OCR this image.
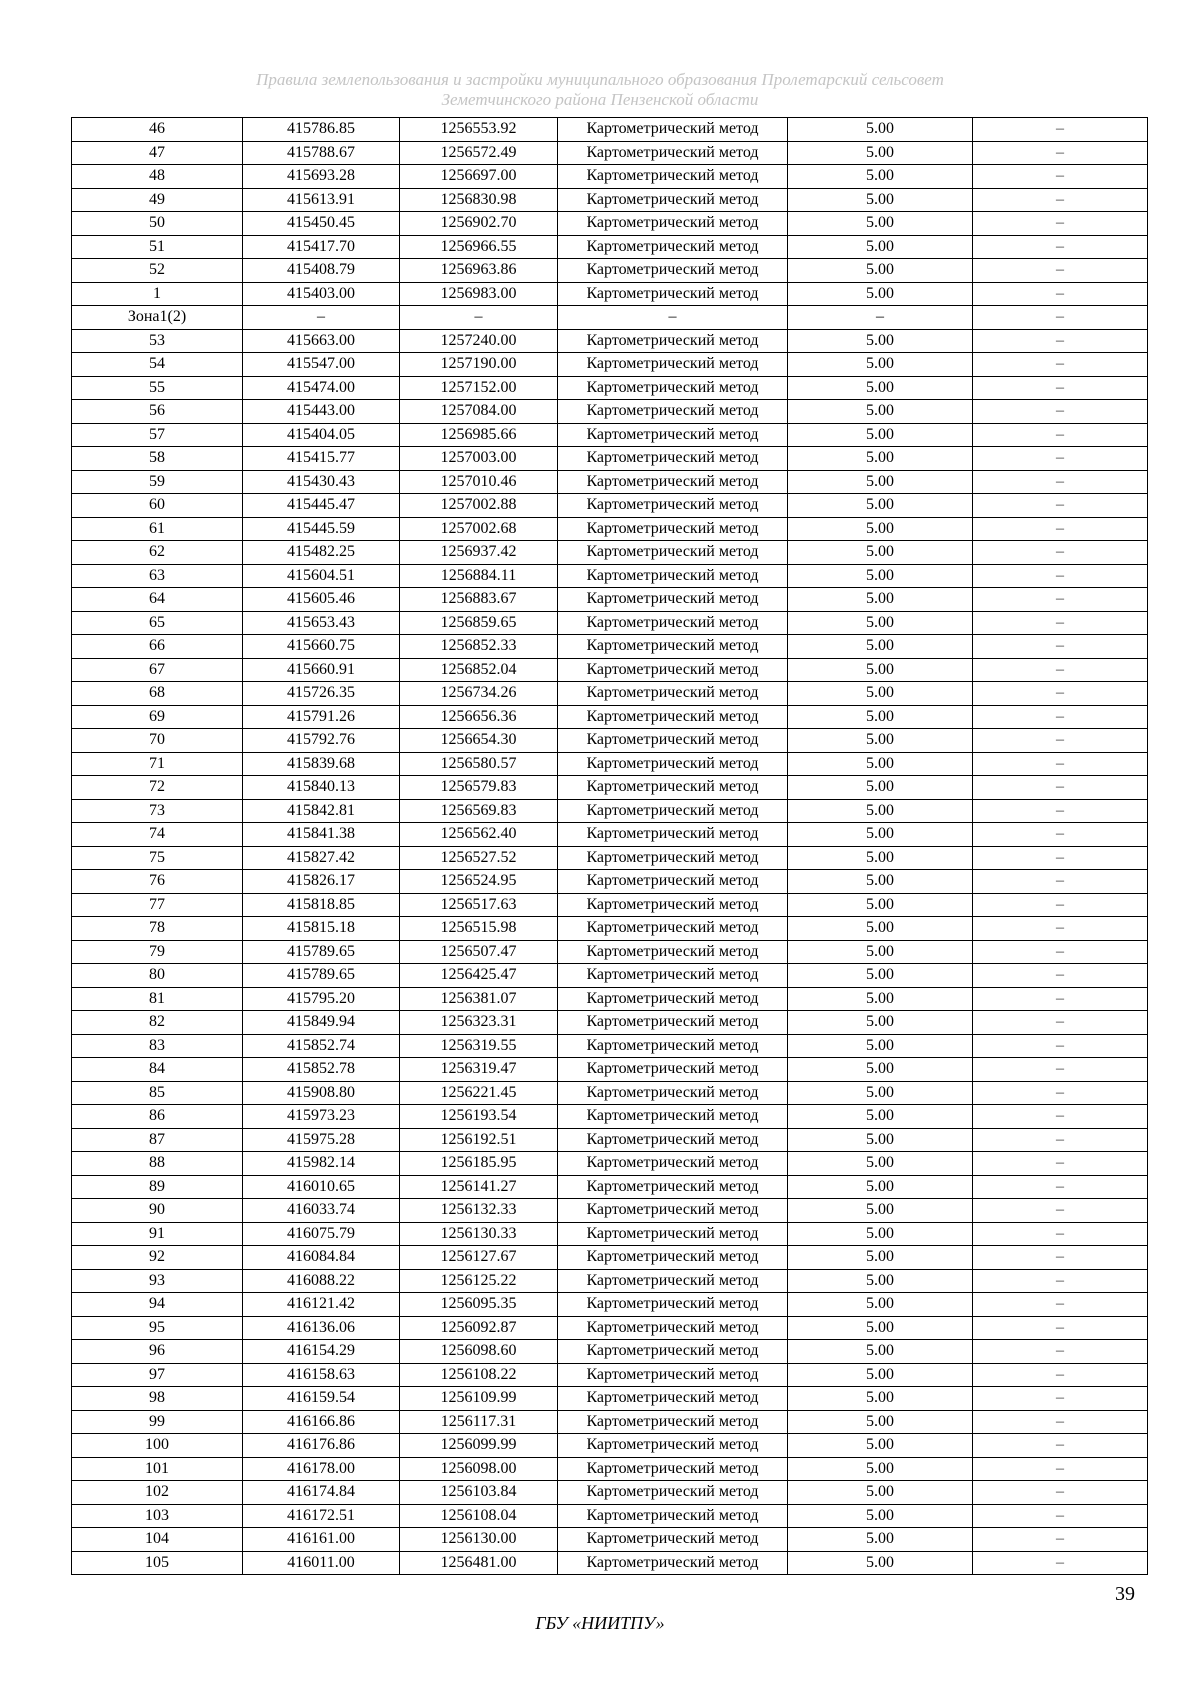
Правила землепользования и застройки муниципального образования Пролетарский сельсовет
Земетчинского района Пензенской области
46	415786.85	1256553.92	Картометрический метод	5.00	–
47	415788.67	1256572.49	Картометрический метод	5.00	–
48	415693.28	1256697.00	Картометрический метод	5.00	–
49	415613.91	1256830.98	Картометрический метод	5.00	–
50	415450.45	1256902.70	Картометрический метод	5.00	–
51	415417.70	1256966.55	Картометрический метод	5.00	–
52	415408.79	1256963.86	Картометрический метод	5.00	–
1	415403.00	1256983.00	Картометрический метод	5.00	–
Зона1(2)	–	–	–	–	–
53	415663.00	1257240.00	Картометрический метод	5.00	–
54	415547.00	1257190.00	Картометрический метод	5.00	–
55	415474.00	1257152.00	Картометрический метод	5.00	–
56	415443.00	1257084.00	Картометрический метод	5.00	–
57	415404.05	1256985.66	Картометрический метод	5.00	–
58	415415.77	1257003.00	Картометрический метод	5.00	–
59	415430.43	1257010.46	Картометрический метод	5.00	–
60	415445.47	1257002.88	Картометрический метод	5.00	–
61	415445.59	1257002.68	Картометрический метод	5.00	–
62	415482.25	1256937.42	Картометрический метод	5.00	–
63	415604.51	1256884.11	Картометрический метод	5.00	–
64	415605.46	1256883.67	Картометрический метод	5.00	–
65	415653.43	1256859.65	Картометрический метод	5.00	–
66	415660.75	1256852.33	Картометрический метод	5.00	–
67	415660.91	1256852.04	Картометрический метод	5.00	–
68	415726.35	1256734.26	Картометрический метод	5.00	–
69	415791.26	1256656.36	Картометрический метод	5.00	–
70	415792.76	1256654.30	Картометрический метод	5.00	–
71	415839.68	1256580.57	Картометрический метод	5.00	–
72	415840.13	1256579.83	Картометрический метод	5.00	–
73	415842.81	1256569.83	Картометрический метод	5.00	–
74	415841.38	1256562.40	Картометрический метод	5.00	–
75	415827.42	1256527.52	Картометрический метод	5.00	–
76	415826.17	1256524.95	Картометрический метод	5.00	–
77	415818.85	1256517.63	Картометрический метод	5.00	–
78	415815.18	1256515.98	Картометрический метод	5.00	–
79	415789.65	1256507.47	Картометрический метод	5.00	–
80	415789.65	1256425.47	Картометрический метод	5.00	–
81	415795.20	1256381.07	Картометрический метод	5.00	–
82	415849.94	1256323.31	Картометрический метод	5.00	–
83	415852.74	1256319.55	Картометрический метод	5.00	–
84	415852.78	1256319.47	Картометрический метод	5.00	–
85	415908.80	1256221.45	Картометрический метод	5.00	–
86	415973.23	1256193.54	Картометрический метод	5.00	–
87	415975.28	1256192.51	Картометрический метод	5.00	–
88	415982.14	1256185.95	Картометрический метод	5.00	–
89	416010.65	1256141.27	Картометрический метод	5.00	–
90	416033.74	1256132.33	Картометрический метод	5.00	–
91	416075.79	1256130.33	Картометрический метод	5.00	–
92	416084.84	1256127.67	Картометрический метод	5.00	–
93	416088.22	1256125.22	Картометрический метод	5.00	–
94	416121.42	1256095.35	Картометрический метод	5.00	–
95	416136.06	1256092.87	Картометрический метод	5.00	–
96	416154.29	1256098.60	Картометрический метод	5.00	–
97	416158.63	1256108.22	Картометрический метод	5.00	–
98	416159.54	1256109.99	Картометрический метод	5.00	–
99	416166.86	1256117.31	Картометрический метод	5.00	–
100	416176.86	1256099.99	Картометрический метод	5.00	–
101	416178.00	1256098.00	Картометрический метод	5.00	–
102	416174.84	1256103.84	Картометрический метод	5.00	–
103	416172.51	1256108.04	Картометрический метод	5.00	–
104	416161.00	1256130.00	Картометрический метод	5.00	–
105	416011.00	1256481.00	Картометрический метод	5.00	–
39
ГБУ «НИИТПУ»
